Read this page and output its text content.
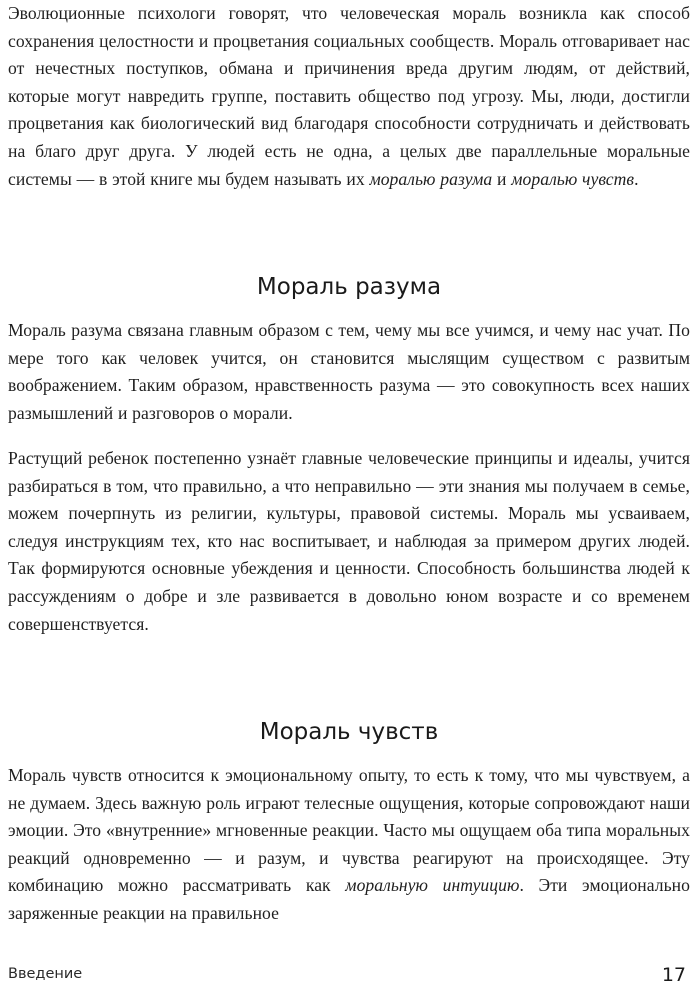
Эволюционные психологи говорят, что человеческая мораль возникла как способ сохранения целостности и процветания социальных сообществ. Мораль отговаривает нас от нечестных поступков, обмана и причинения вреда другим людям, от действий, которые могут навредить группе, поставить общество под угрозу. Мы, люди, достигли процветания как биологический вид благодаря способности сотрудничать и действовать на благо друг друга. У людей есть не одна, а целых две параллельные моральные системы — в этой книге мы будем называть их моралью разума и моралью чувств.

Мораль разума

Мораль разума связана главным образом с тем, чему мы все учимся, и чему нас учат. По мере того как человек учится, он становится мыслящим существом с развитым воображением. Таким образом, нравственность разума — это совокупность всех наших размышлений и разговоров о морали.

Растущий ребенок постепенно узнаёт главные человеческие принципы и идеалы, учится разбираться в том, что правильно, а что неправильно — эти знания мы получаем в семье, можем почерпнуть из религии, культуры, правовой системы. Мораль мы усваиваем, следуя инструкциям тех, кто нас воспитывает, и наблюдая за примером других людей. Так формируются основные убеждения и ценности. Способность большинства людей к рассуждениям о добре и зле развивается в довольно юном возрасте и со временем совершенствуется.

Мораль чувств

Мораль чувств относится к эмоциональному опыту, то есть к тому, что мы чувствуем, а не думаем. Здесь важную роль играют телесные ощущения, которые сопровождают наши эмоции. Это «внутренние» мгновенные реакции. Часто мы ощущаем оба типа моральных реакций одновременно — и разум, и чувства реагируют на происходящее. Эту комбинацию можно рассматривать как моральную интуицию. Эти эмоционально заряженные реакции на правильное

Введение	17
